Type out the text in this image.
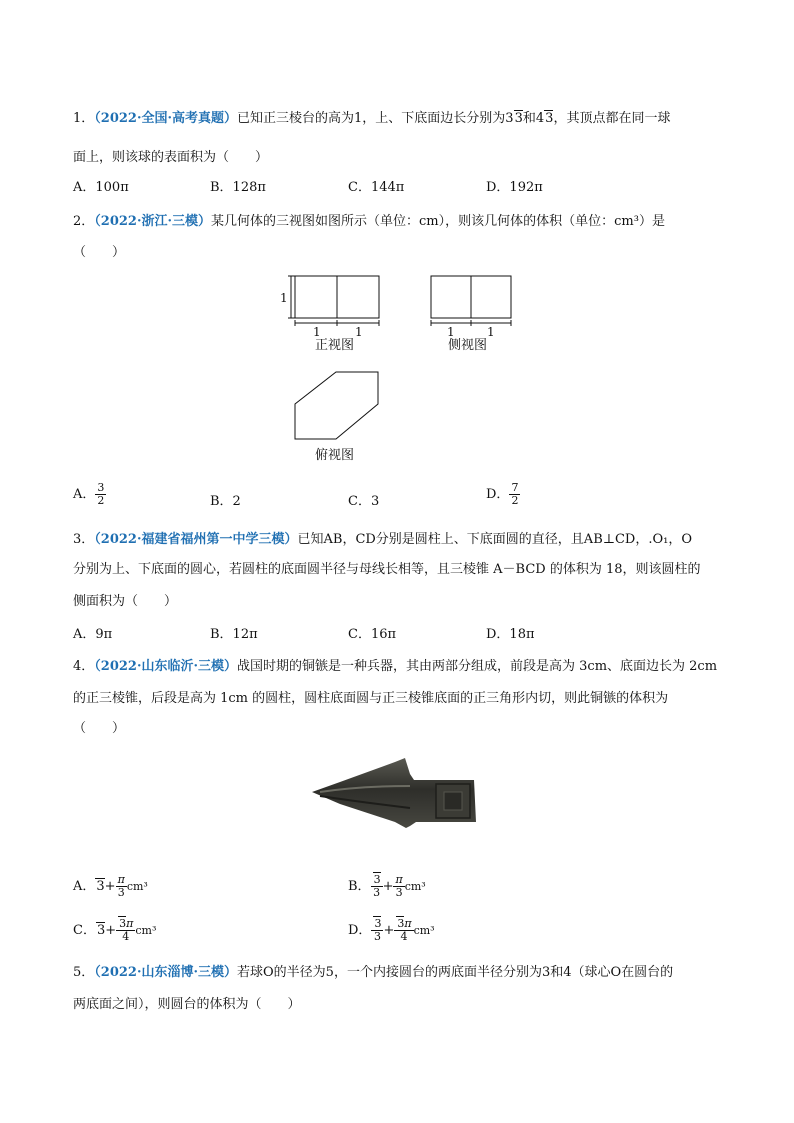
1．（2022·全国·高考真题）已知正三棱台的高为1，上、下底面边长分别为33和43，其顶点都在同一球
面上，则该球的表面积为（　　）
A．100π	B．128π	C．144π	D．192π
2．（2022·浙江·三模）某几何体的三视图如图所示（单位：cm），则该几何体的体积（单位：cm³）是
（　　）
1
1	1	1	1
正视图	侧视图
俯视图
A． $\frac{3}{2}$	B．2	C．3	D． $\frac{7}{2}$
3．（2022·福建省福州第一中学三模）已知AB，CD分别是圆柱上、下底面圆的直径，且AB⊥CD，.O₁，O
分别为上、下底面的圆心，若圆柱的底面圆半径与母线长相等，且三棱锥 A－BCD 的体积为 18，则该圆柱的
侧面积为（　　）
A．9π	B．12π	C．16π	D．18π
4．（2022·山东临沂·三模）战国时期的铜镞是一种兵器，其由两部分组成，前段是高为 3cm、底面边长为 2cm
的正三棱锥，后段是高为 1cm 的圆柱，圆柱底面圆与正三棱锥底面的正三角形内切，则此铜镞的体积为
（　　）
A．$3+ \frac{\pi}{3} cm^3$	B． $\frac{3}{3} + \frac{\pi}{3} cm^3$
C．$3+ \frac{3\pi}{4} cm^3$	D． $\frac{3}{3} + \frac{3\pi}{4} cm^3$
5．（2022·山东淄博·三模）若球O的半径为5，一个内接圆台的两底面半径分别为3和4（球心O在圆台的
两底面之间），则圆台的体积为（　　）
